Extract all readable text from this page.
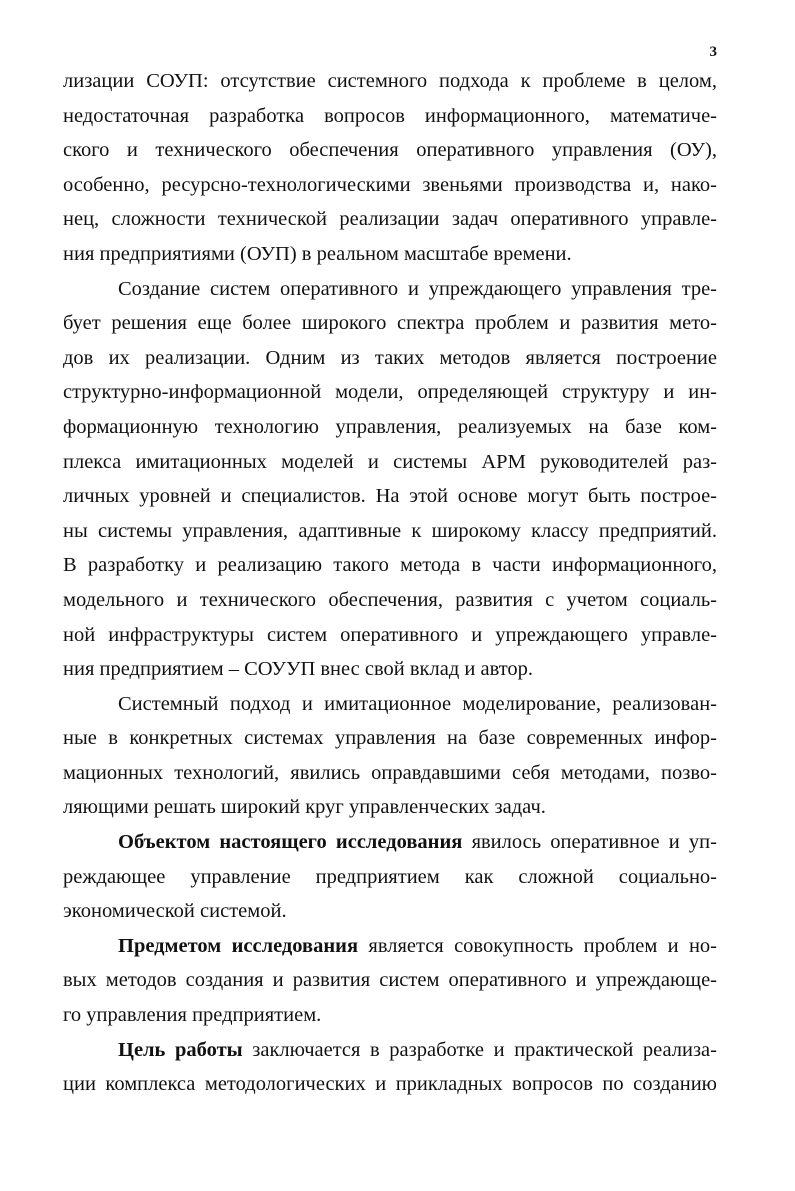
3
лизации СОУП: отсутствие системного подхода к проблеме в целом,
недостаточная разработка вопросов информационного, математиче-
ского и технического обеспечения оперативного управления (ОУ),
особенно, ресурсно-технологическими звеньями производства и, нако-
нец, сложности технической реализации задач оперативного управле-
ния предприятиями (ОУП) в реальном масштабе времени.
Создание систем оперативного и упреждающего управления тре-
бует решения еще более широкого спектра проблем и развития мето-
дов их реализации. Одним из таких методов является построение
структурно-информационной модели, определяющей структуру и ин-
формационную технологию управления, реализуемых на базе ком-
плекса имитационных моделей и системы АРМ руководителей раз-
личных уровней и специалистов. На этой основе могут быть построе-
ны системы управления, адаптивные к широкому классу предприятий.
В разработку и реализацию такого метода в части информационного,
модельного и технического обеспечения, развития с учетом социаль-
ной инфраструктуры систем оперативного и упреждающего управле-
ния предприятием – СОУУП внес свой вклад и автор.
Системный подход и имитационное моделирование, реализован-
ные в конкретных системах управления на базе современных инфор-
мационных технологий, явились оправдавшими себя методами, позво-
ляющими решать широкий круг управленческих задач.
Объектом настоящего исследования явилось оперативное и уп-
реждающее управление предприятием как сложной социально-
экономической системой.
Предметом исследования является совокупность проблем и но-
вых методов создания и развития систем оперативного и упреждающе-
го управления предприятием.
Цель работы заключается в разработке и практической реализа-
ции комплекса методологических и прикладных вопросов по созданию
